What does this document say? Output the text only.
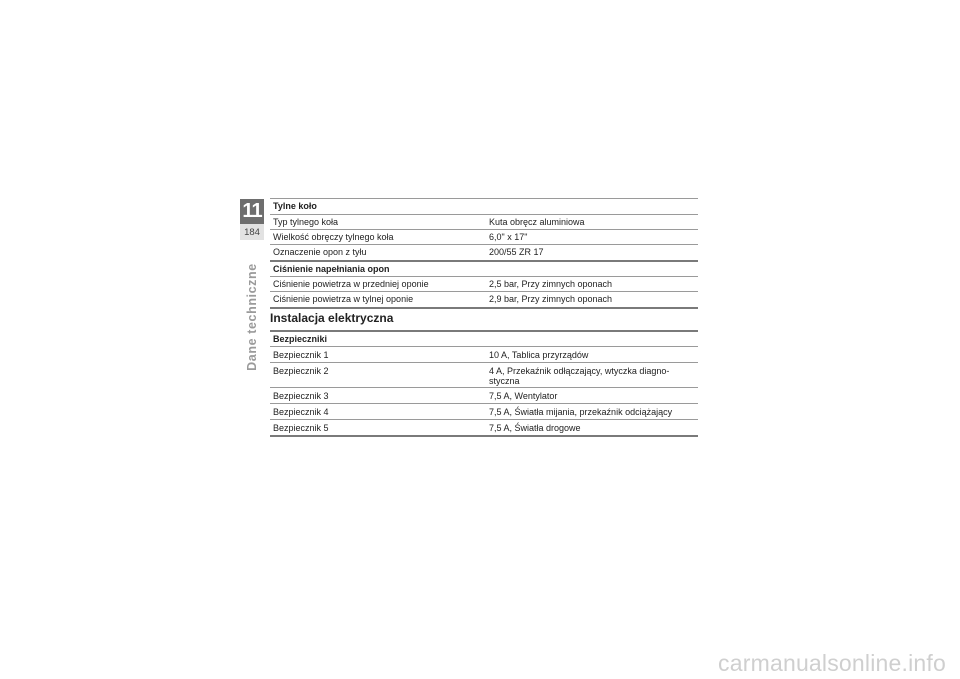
11
184
Dane techniczne
Tylne koło
Typ tylnego koła	Kuta obręcz aluminiowa
Wielkość obręczy tylnego koła	6,0" x 17"
Oznaczenie opon z tyłu	200/55 ZR 17
Ciśnienie napełniania opon
Ciśnienie powietrza w przedniej oponie	2,5 bar, Przy zimnych oponach
Ciśnienie powietrza w tylnej oponie	2,9 bar, Przy zimnych oponach
Instalacja elektryczna
Bezpieczniki
Bezpiecznik 1	10 A, Tablica przyrządów
Bezpiecznik 2	4 A, Przekaźnik odłączający, wtyczka diagno-
styczna
Bezpiecznik 3	7,5 A, Wentylator
Bezpiecznik 4	7,5 A, Światła mijania, przekaźnik odciążający
Bezpiecznik 5	7,5 A, Światła drogowe
carmanualsonline.info
